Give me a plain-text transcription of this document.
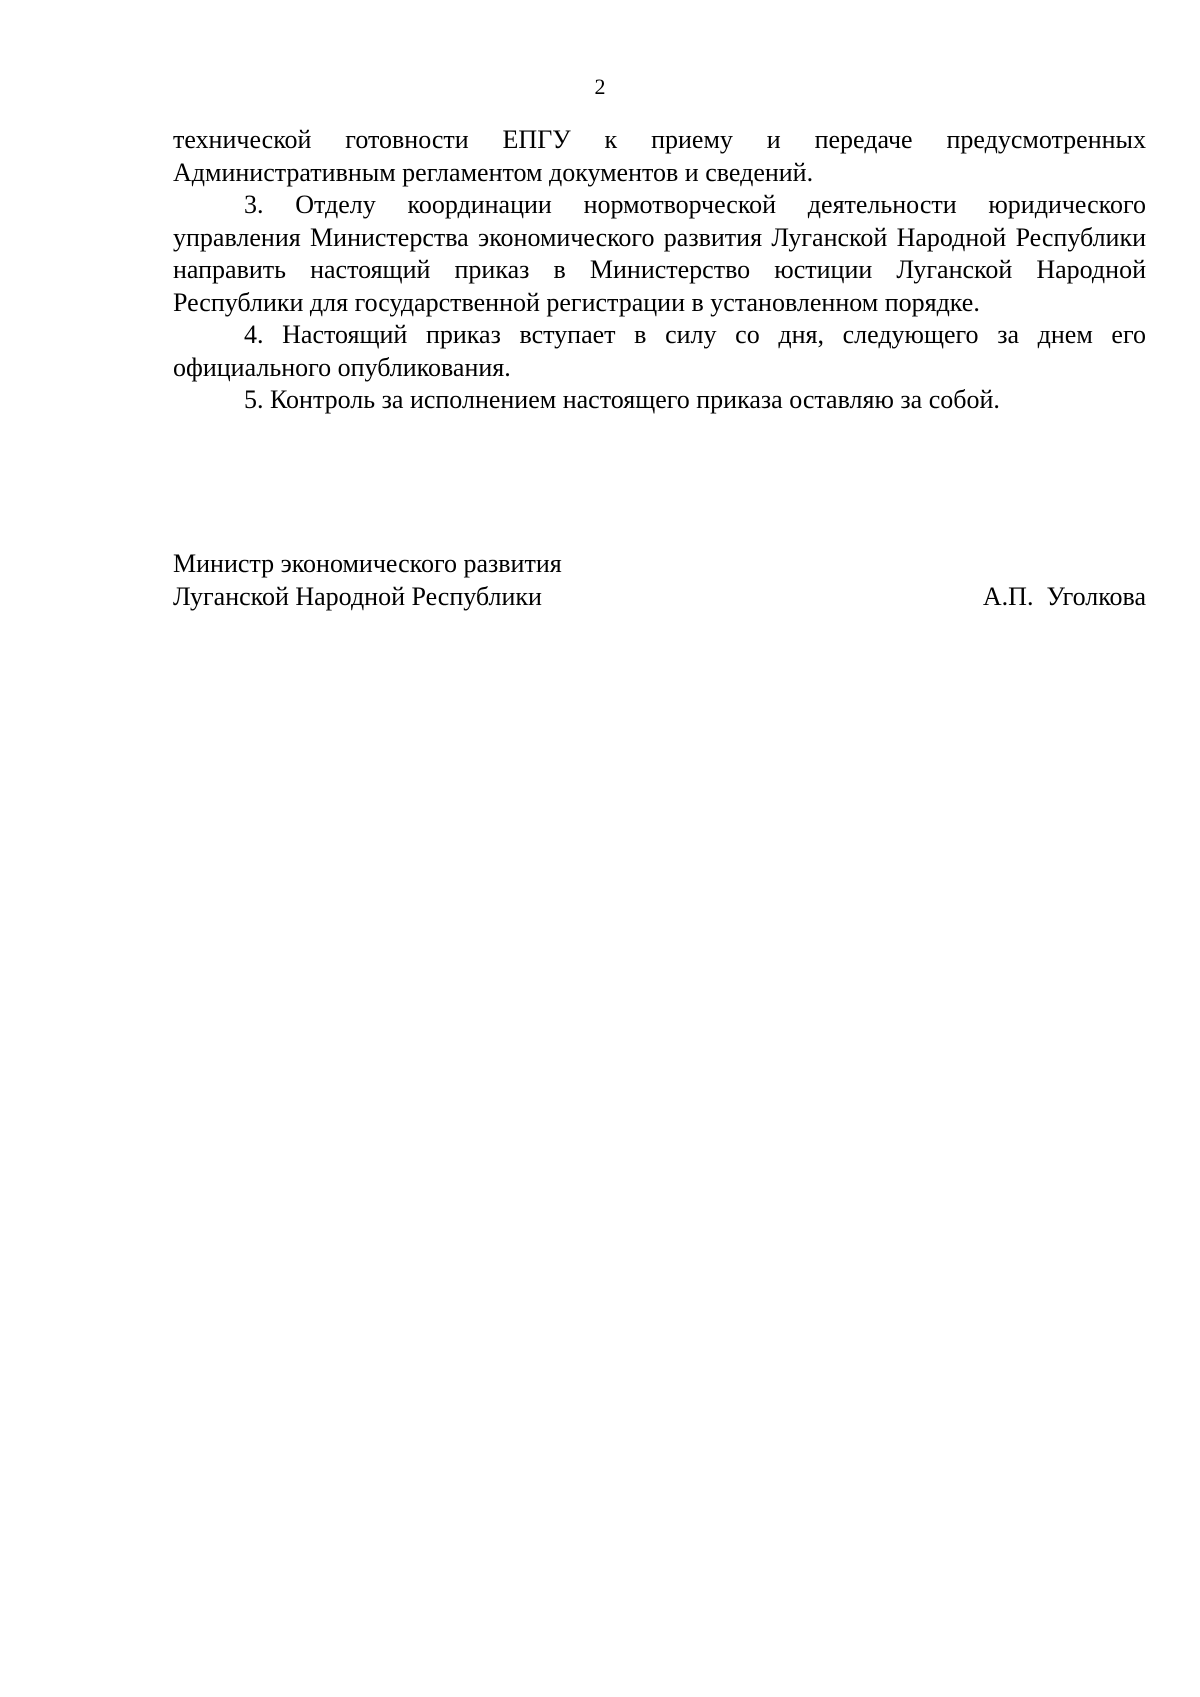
2

технической готовности ЕПГУ к приему и передаче предусмотренных Административным регламентом документов и сведений.

3. Отделу координации нормотворческой деятельности юридического управления Министерства экономического развития Луганской Народной Республики направить настоящий приказ в Министерство юстиции Луганской Народной Республики для государственной регистрации в установленном порядке.

4. Настоящий приказ вступает в силу со дня, следующего за днем его официального опубликования.

5. Контроль за исполнением настоящего приказа оставляю за собой.

Министр экономического развития
Луганской Народной Республики	А.П.  Уголкова
